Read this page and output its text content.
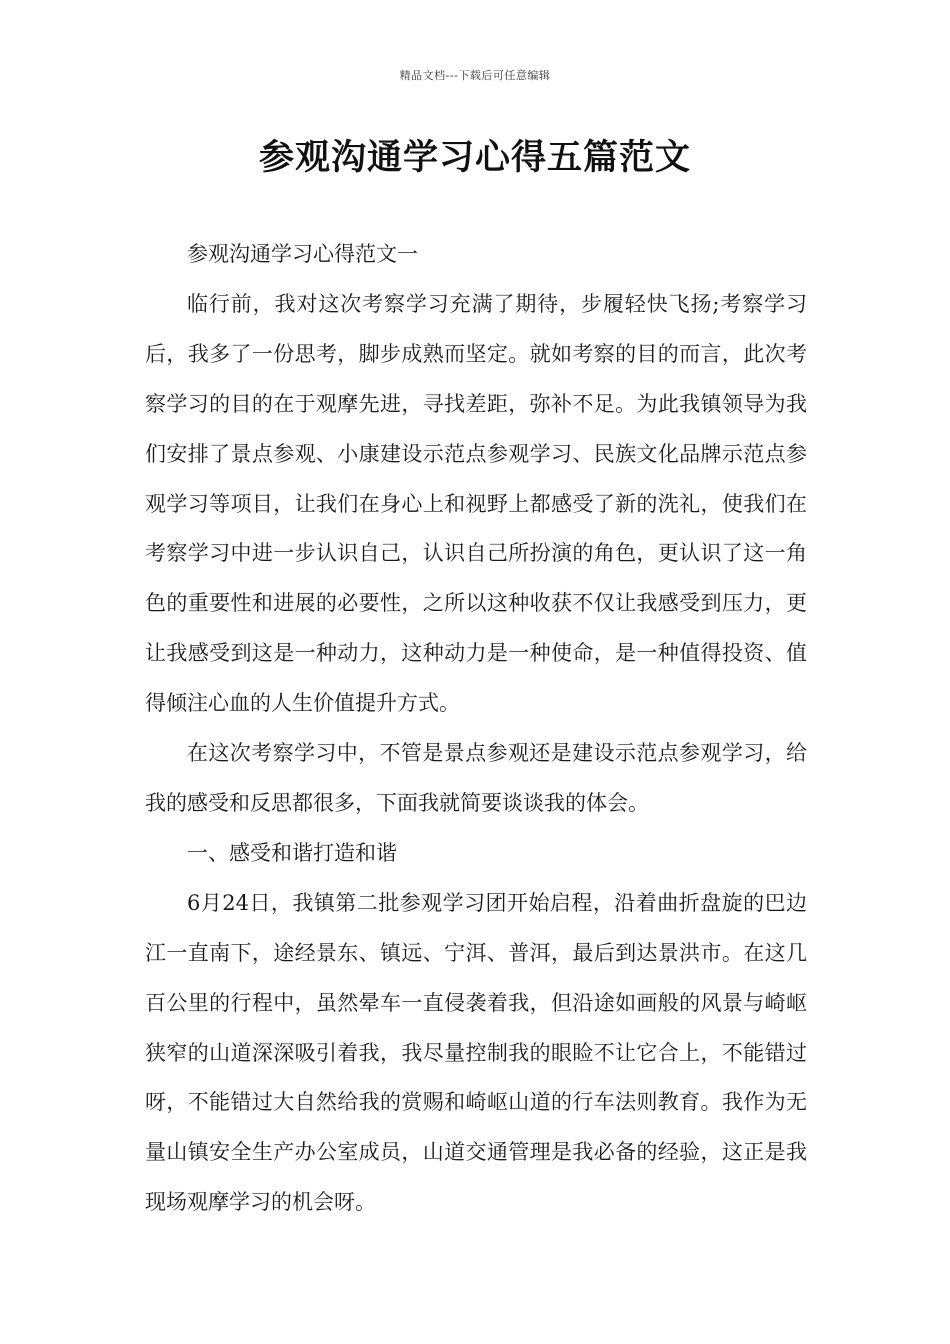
精品文档---下载后可任意编辑
参观沟通学习心得五篇范文

参观沟通学习心得范文一

临行前，我对这次考察学习充满了期待，步履轻快飞扬;考察学习后，我多了一份思考，脚步成熟而坚定。就如考察的目的而言，此次考察学习的目的在于观摩先进，寻找差距，弥补不足。为此我镇领导为我们安排了景点参观、小康建设示范点参观学习、民族文化品牌示范点参观学习等项目，让我们在身心上和视野上都感受了新的洗礼，使我们在考察学习中进一步认识自己，认识自己所扮演的角色，更认识了这一角色的重要性和进展的必要性，之所以这种收获不仅让我感受到压力，更让我感受到这是一种动力，这种动力是一种使命，是一种值得投资、值得倾注心血的人生价值提升方式。

在这次考察学习中，不管是景点参观还是建设示范点参观学习，给我的感受和反思都很多，下面我就简要谈谈我的体会。

一、感受和谐打造和谐

6月24日，我镇第二批参观学习团开始启程，沿着曲折盘旋的巴边江一直南下，途经景东、镇远、宁洱、普洱，最后到达景洪市。在这几百公里的行程中，虽然晕车一直侵袭着我，但沿途如画般的风景与崎岖狭窄的山道深深吸引着我，我尽量控制我的眼睑不让它合上，不能错过呀，不能错过大自然给我的赏赐和崎岖山道的行车法则教育。我作为无量山镇安全生产办公室成员，山道交通管理是我必备的经验，这正是我现场观摩学习的机会呀。
